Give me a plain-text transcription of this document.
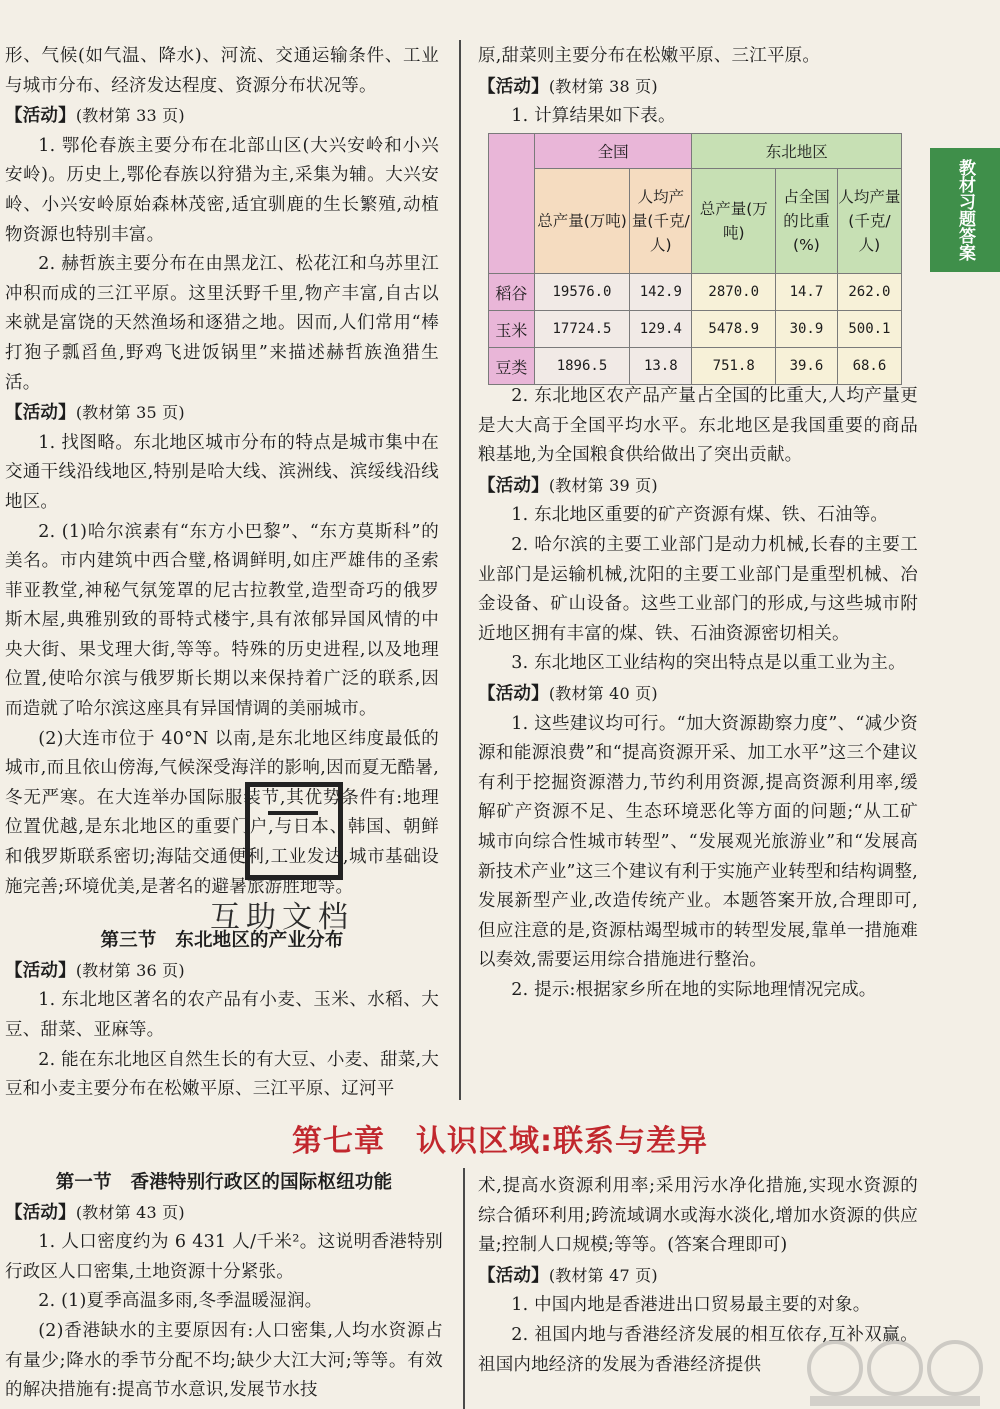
教材习题答案

形、气候(如气温、降水)、河流、交通运输条件、工业与城市分布、经济发达程度、资源分布状况等。

【活动】(教材第 33 页)

1. 鄂伦春族主要分布在北部山区(大兴安岭和小兴安岭)。历史上,鄂伦春族以狩猎为主,采集为辅。大兴安岭、小兴安岭原始森林茂密,适宜驯鹿的生长繁殖,动植物资源也特别丰富。

2. 赫哲族主要分布在由黑龙江、松花江和乌苏里江冲积而成的三江平原。这里沃野千里,物产丰富,自古以来就是富饶的天然渔场和逐猎之地。因而,人们常用“棒打狍子瓢舀鱼,野鸡飞进饭锅里”来描述赫哲族渔猎生活。

【活动】(教材第 35 页)

1. 找图略。东北地区城市分布的特点是城市集中在交通干线沿线地区,特别是哈大线、滨洲线、滨绥线沿线地区。

2. (1)哈尔滨素有“东方小巴黎”、“东方莫斯科”的美名。市内建筑中西合璧,格调鲜明,如庄严雄伟的圣索菲亚教堂,神秘气氛笼罩的尼古拉教堂,造型奇巧的俄罗斯木屋,典雅别致的哥特式楼宇,具有浓郁异国风情的中央大街、果戈理大街,等等。特殊的历史进程,以及地理位置,使哈尔滨与俄罗斯长期以来保持着广泛的联系,因而造就了哈尔滨这座具有异国情调的美丽城市。

(2)大连市位于 40°N 以南,是东北地区纬度最低的城市,而且依山傍海,气候深受海洋的影响,因而夏无酷暑,冬无严寒。在大连举办国际服装节,其优势条件有:地理位置优越,是东北地区的重要门户,与日本、韩国、朝鲜和俄罗斯联系密切;海陆交通便利,工业发达,城市基础设施完善;环境优美,是著名的避暑旅游胜地等。

第三节　东北地区的产业分布

【活动】(教材第 36 页)

1. 东北地区著名的农产品有小麦、玉米、水稻、大豆、甜菜、亚麻等。

2. 能在东北地区自然生长的有大豆、小麦、甜菜,大豆和小麦主要分布在松嫩平原、三江平原、辽河平

互助文档

原,甜菜则主要分布在松嫩平原、三江平原。

【活动】(教材第 38 页)

1. 计算结果如下表。

	全国		东北地区		
	总产量(万吨)	人均产量(千克/人)	总产量(万吨)	占全国的比重(%)	人均产量(千克/人)
稻谷	19576.0	142.9	2870.0	14.7	262.0
玉米	17724.5	129.4	5478.9	30.9	500.1
豆类	1896.5	13.8	751.8	39.6	68.6

2. 东北地区农产品产量占全国的比重大,人均产量更是大大高于全国平均水平。东北地区是我国重要的商品粮基地,为全国粮食供给做出了突出贡献。

【活动】(教材第 39 页)

1. 东北地区重要的矿产资源有煤、铁、石油等。

2. 哈尔滨的主要工业部门是动力机械,长春的主要工业部门是运输机械,沈阳的主要工业部门是重型机械、冶金设备、矿山设备。这些工业部门的形成,与这些城市附近地区拥有丰富的煤、铁、石油资源密切相关。

3. 东北地区工业结构的突出特点是以重工业为主。

【活动】(教材第 40 页)

1. 这些建议均可行。“加大资源勘察力度”、“减少资源和能源浪费”和“提高资源开采、加工水平”这三个建议有利于挖掘资源潜力,节约利用资源,提高资源利用率,缓解矿产资源不足、生态环境恶化等方面的问题;“从工矿城市向综合性城市转型”、“发展观光旅游业”和“发展高新技术产业”这三个建议有利于实施产业转型和结构调整,发展新型产业,改造传统产业。本题答案开放,合理即可,但应注意的是,资源枯竭型城市的转型发展,靠单一措施难以奏效,需要运用综合措施进行整治。

2. 提示:根据家乡所在地的实际地理情况完成。

第七章　认识区域:联系与差异

第一节　香港特别行政区的国际枢纽功能

【活动】(教材第 43 页)

1. 人口密度约为 6 431 人/千米²。这说明香港特别行政区人口密集,土地资源十分紧张。

2. (1)夏季高温多雨,冬季温暖湿润。

(2)香港缺水的主要原因有:人口密集,人均水资源占有量少;降水的季节分配不均;缺少大江大河;等等。有效的解决措施有:提高节水意识,发展节水技

术,提高水资源利用率;采用污水净化措施,实现水资源的综合循环利用;跨流域调水或海水淡化,增加水资源的供应量;控制人口规模;等等。(答案合理即可)

【活动】(教材第 47 页)

1. 中国内地是香港进出口贸易最主要的对象。

2. 祖国内地与香港经济发展的相互依存,互补双赢。祖国内地经济的发展为香港经济提供
